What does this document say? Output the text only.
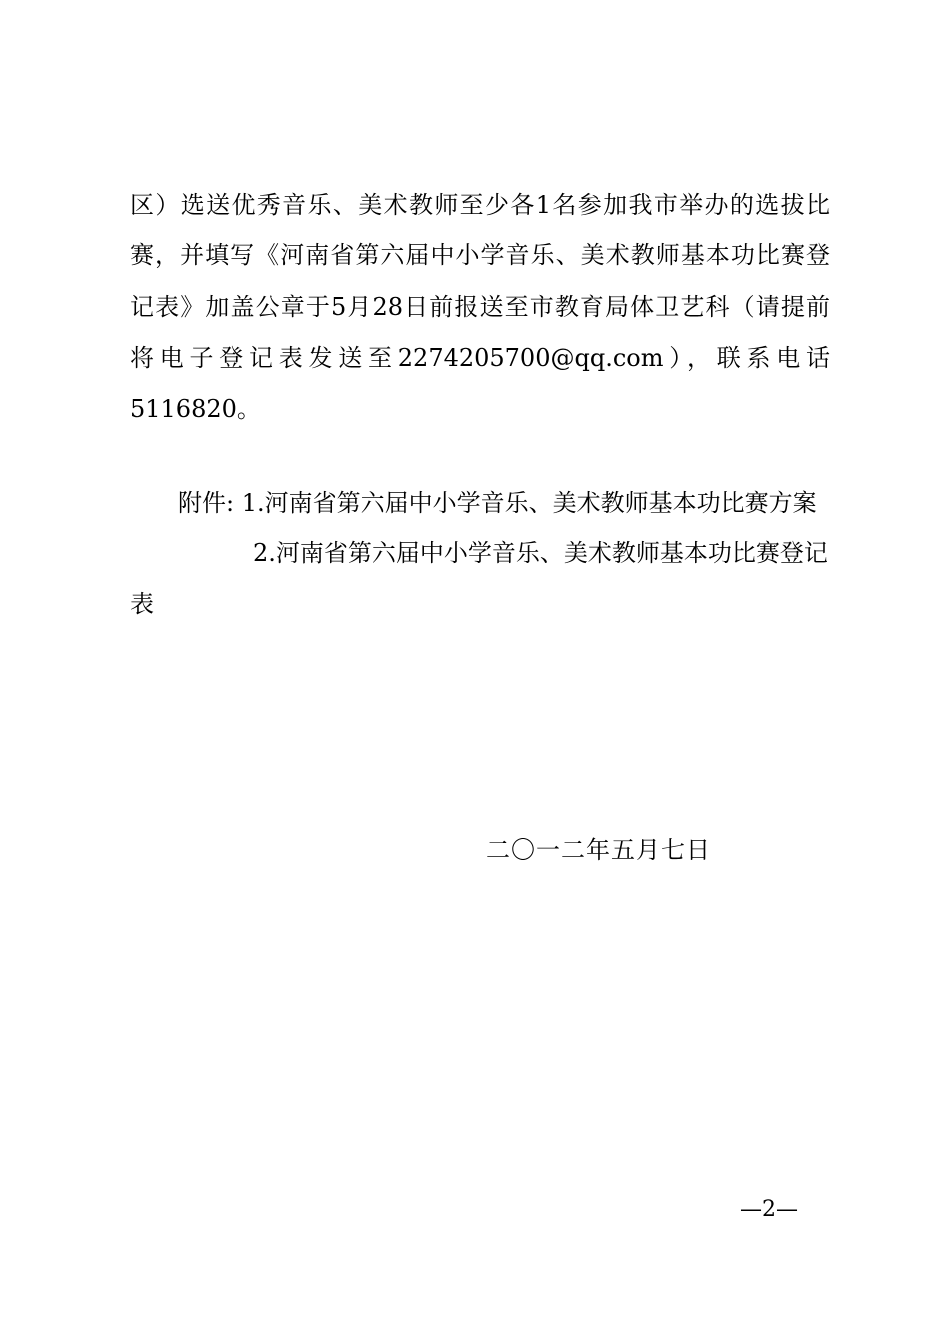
区）选送优秀音乐、美术教师至少各1名参加我市举办的选拔比
赛，并填写《河南省第六届中小学音乐、美术教师基本功比赛登
记表》加盖公章于5月28日前报送至市教育局体卫艺科（请提前
将电子登记表发送至2274205700@qq.com），联系电话
5116820。
附件: 1.河南省第六届中小学音乐、美术教师基本功比赛方案
2.河南省第六届中小学音乐、美术教师基本功比赛登记
表
二〇一二年五月七日
—2—
